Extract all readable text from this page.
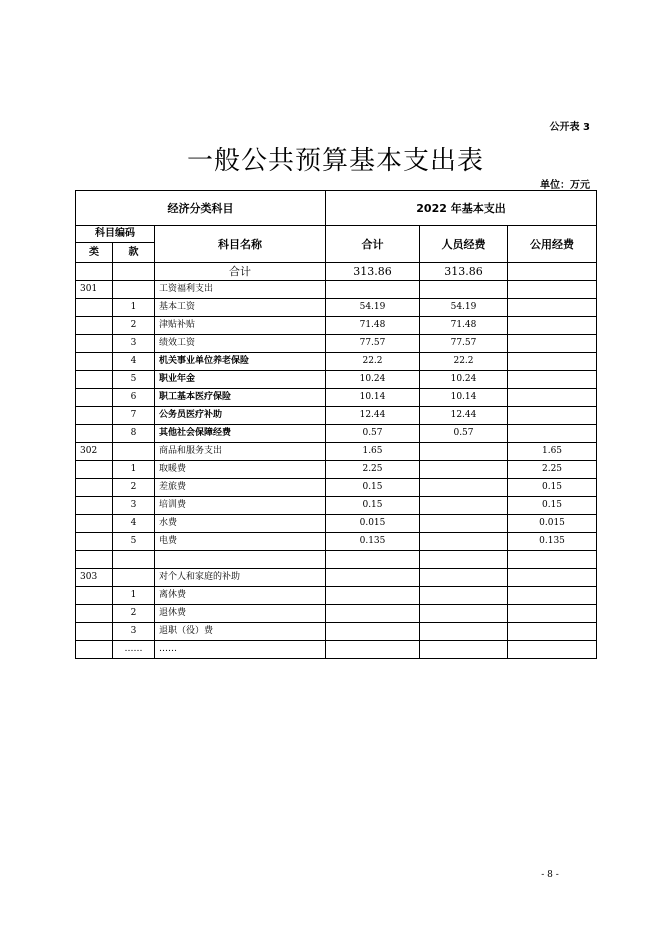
公开表 3
一般公共预算基本支出表
单位：万元
经济分类科目			2022 年基本支出		
科目编码		科目名称	合计	人员经费	公用经费
类	款				
		合计	313.86	313.86	
301		工资福利支出			
	1	基本工资	54.19	54.19	
	2	津贴补贴	71.48	71.48	
	3	绩效工资	77.57	77.57	
	4	机关事业单位养老保险	22.2	22.2	
	5	职业年金	10.24	10.24	
	6	职工基本医疗保险	10.14	10.14	
	7	公务员医疗补助	12.44	12.44	
	8	其他社会保障经费	0.57	0.57	
302		商品和服务支出	1.65		1.65
	1	取暖费	2.25		2.25
	2	差旅费	0.15		0.15
	3	培训费	0.15		0.15
	4	水费	0.015		0.015
	5	电费	0.135		0.135

303		对个人和家庭的补助			
	1	离休费			
	2	退休费			
	3	退职（役）费			
	……	……			
- 8 -
